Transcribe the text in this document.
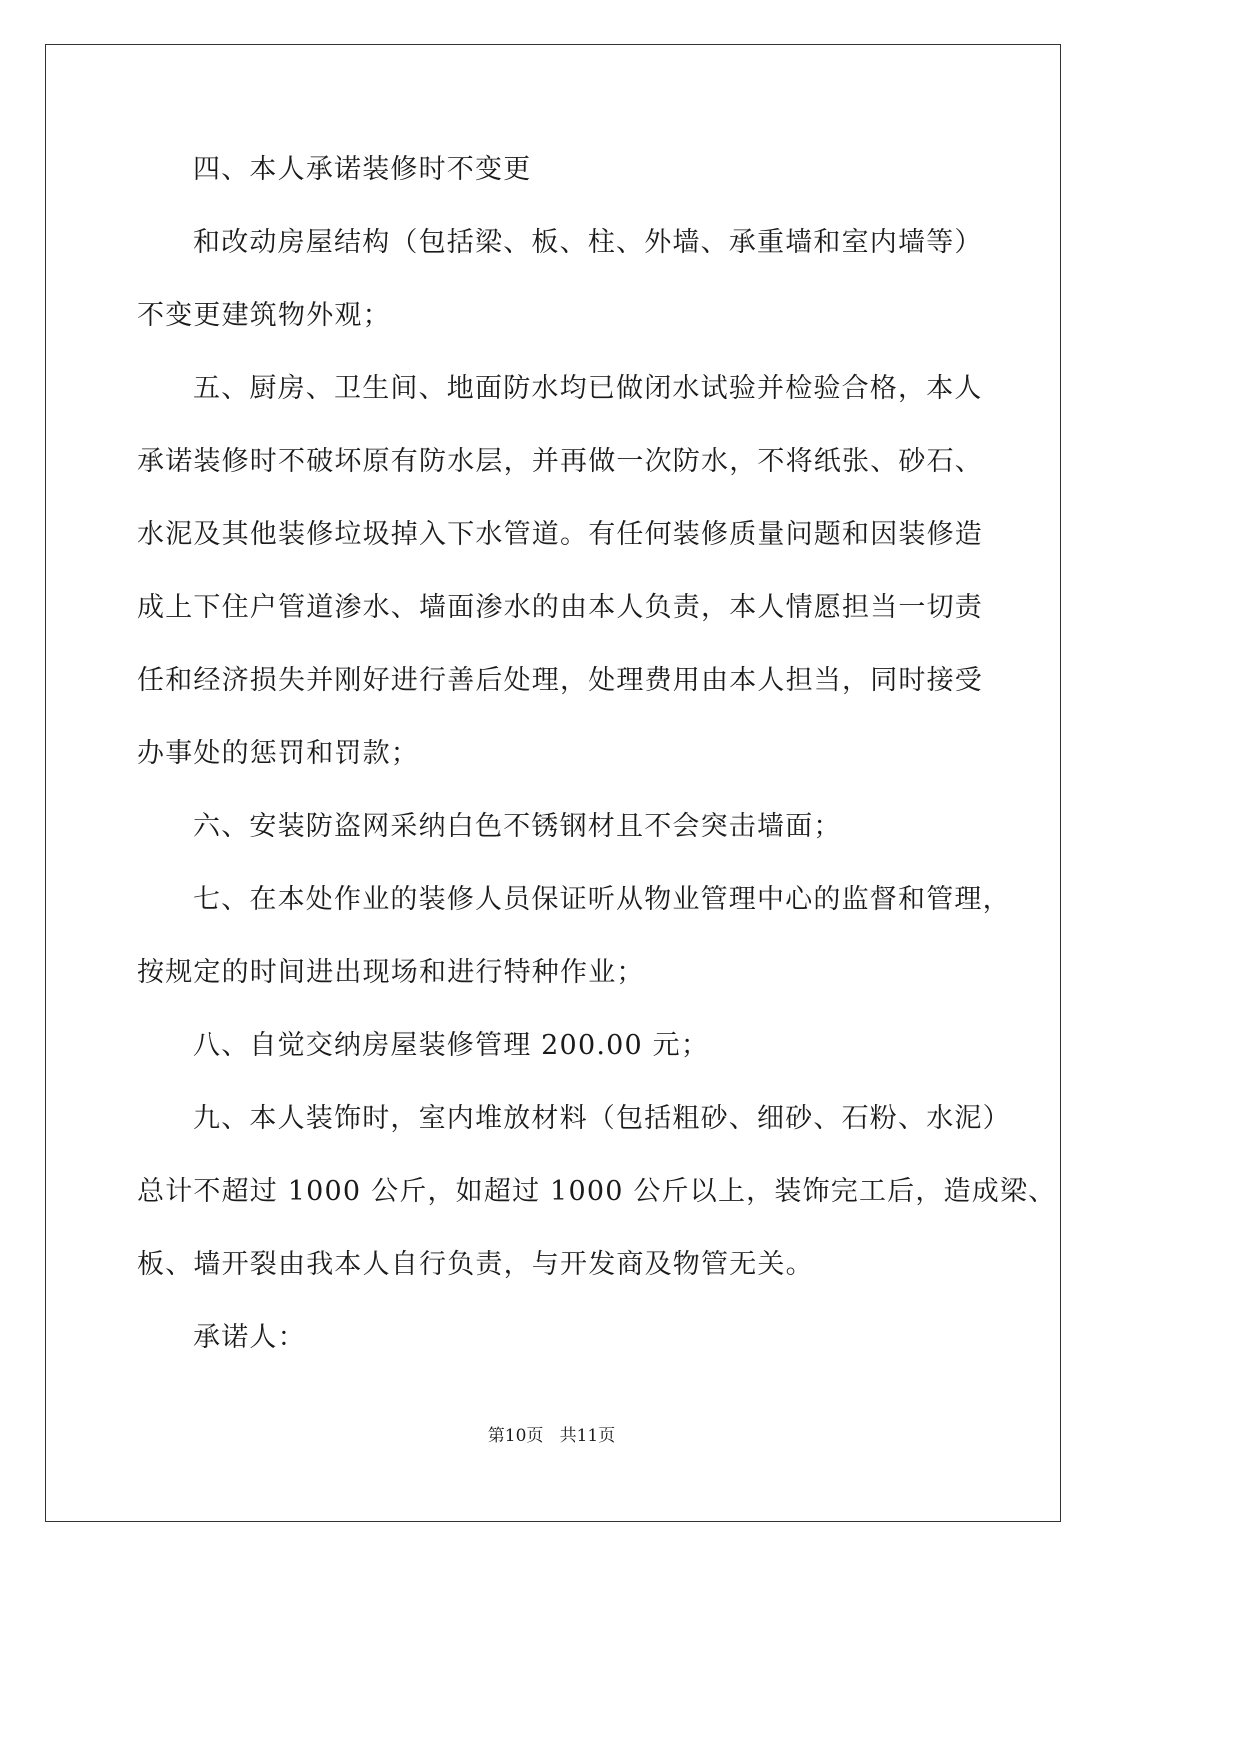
四、本人承诺装修时不变更
和改动房屋结构（包括梁、板、柱、外墙、承重墙和室内墙等）
不变更建筑物外观；
五、厨房、卫生间、地面防水均已做闭水试验并检验合格，本人
承诺装修时不破坏原有防水层，并再做一次防水，不将纸张、砂石、
水泥及其他装修垃圾掉入下水管道。有任何装修质量问题和因装修造
成上下住户管道渗水、墙面渗水的由本人负责，本人情愿担当一切责
任和经济损失并刚好进行善后处理，处理费用由本人担当，同时接受
办事处的惩罚和罚款；
六、安装防盗网采纳白色不锈钢材且不会突击墙面；
七、在本处作业的装修人员保证听从物业管理中心的监督和管理，
按规定的时间进出现场和进行特种作业；
八、自觉交纳房屋装修管理 200.00 元；
九、本人装饰时，室内堆放材料（包括粗砂、细砂、石粉、水泥）
总计不超过 1000 公斤，如超过 1000 公斤以上，装饰完工后，造成梁、
板、墙开裂由我本人自行负责，与开发商及物管无关。
承诺人：
第10页   共11页
